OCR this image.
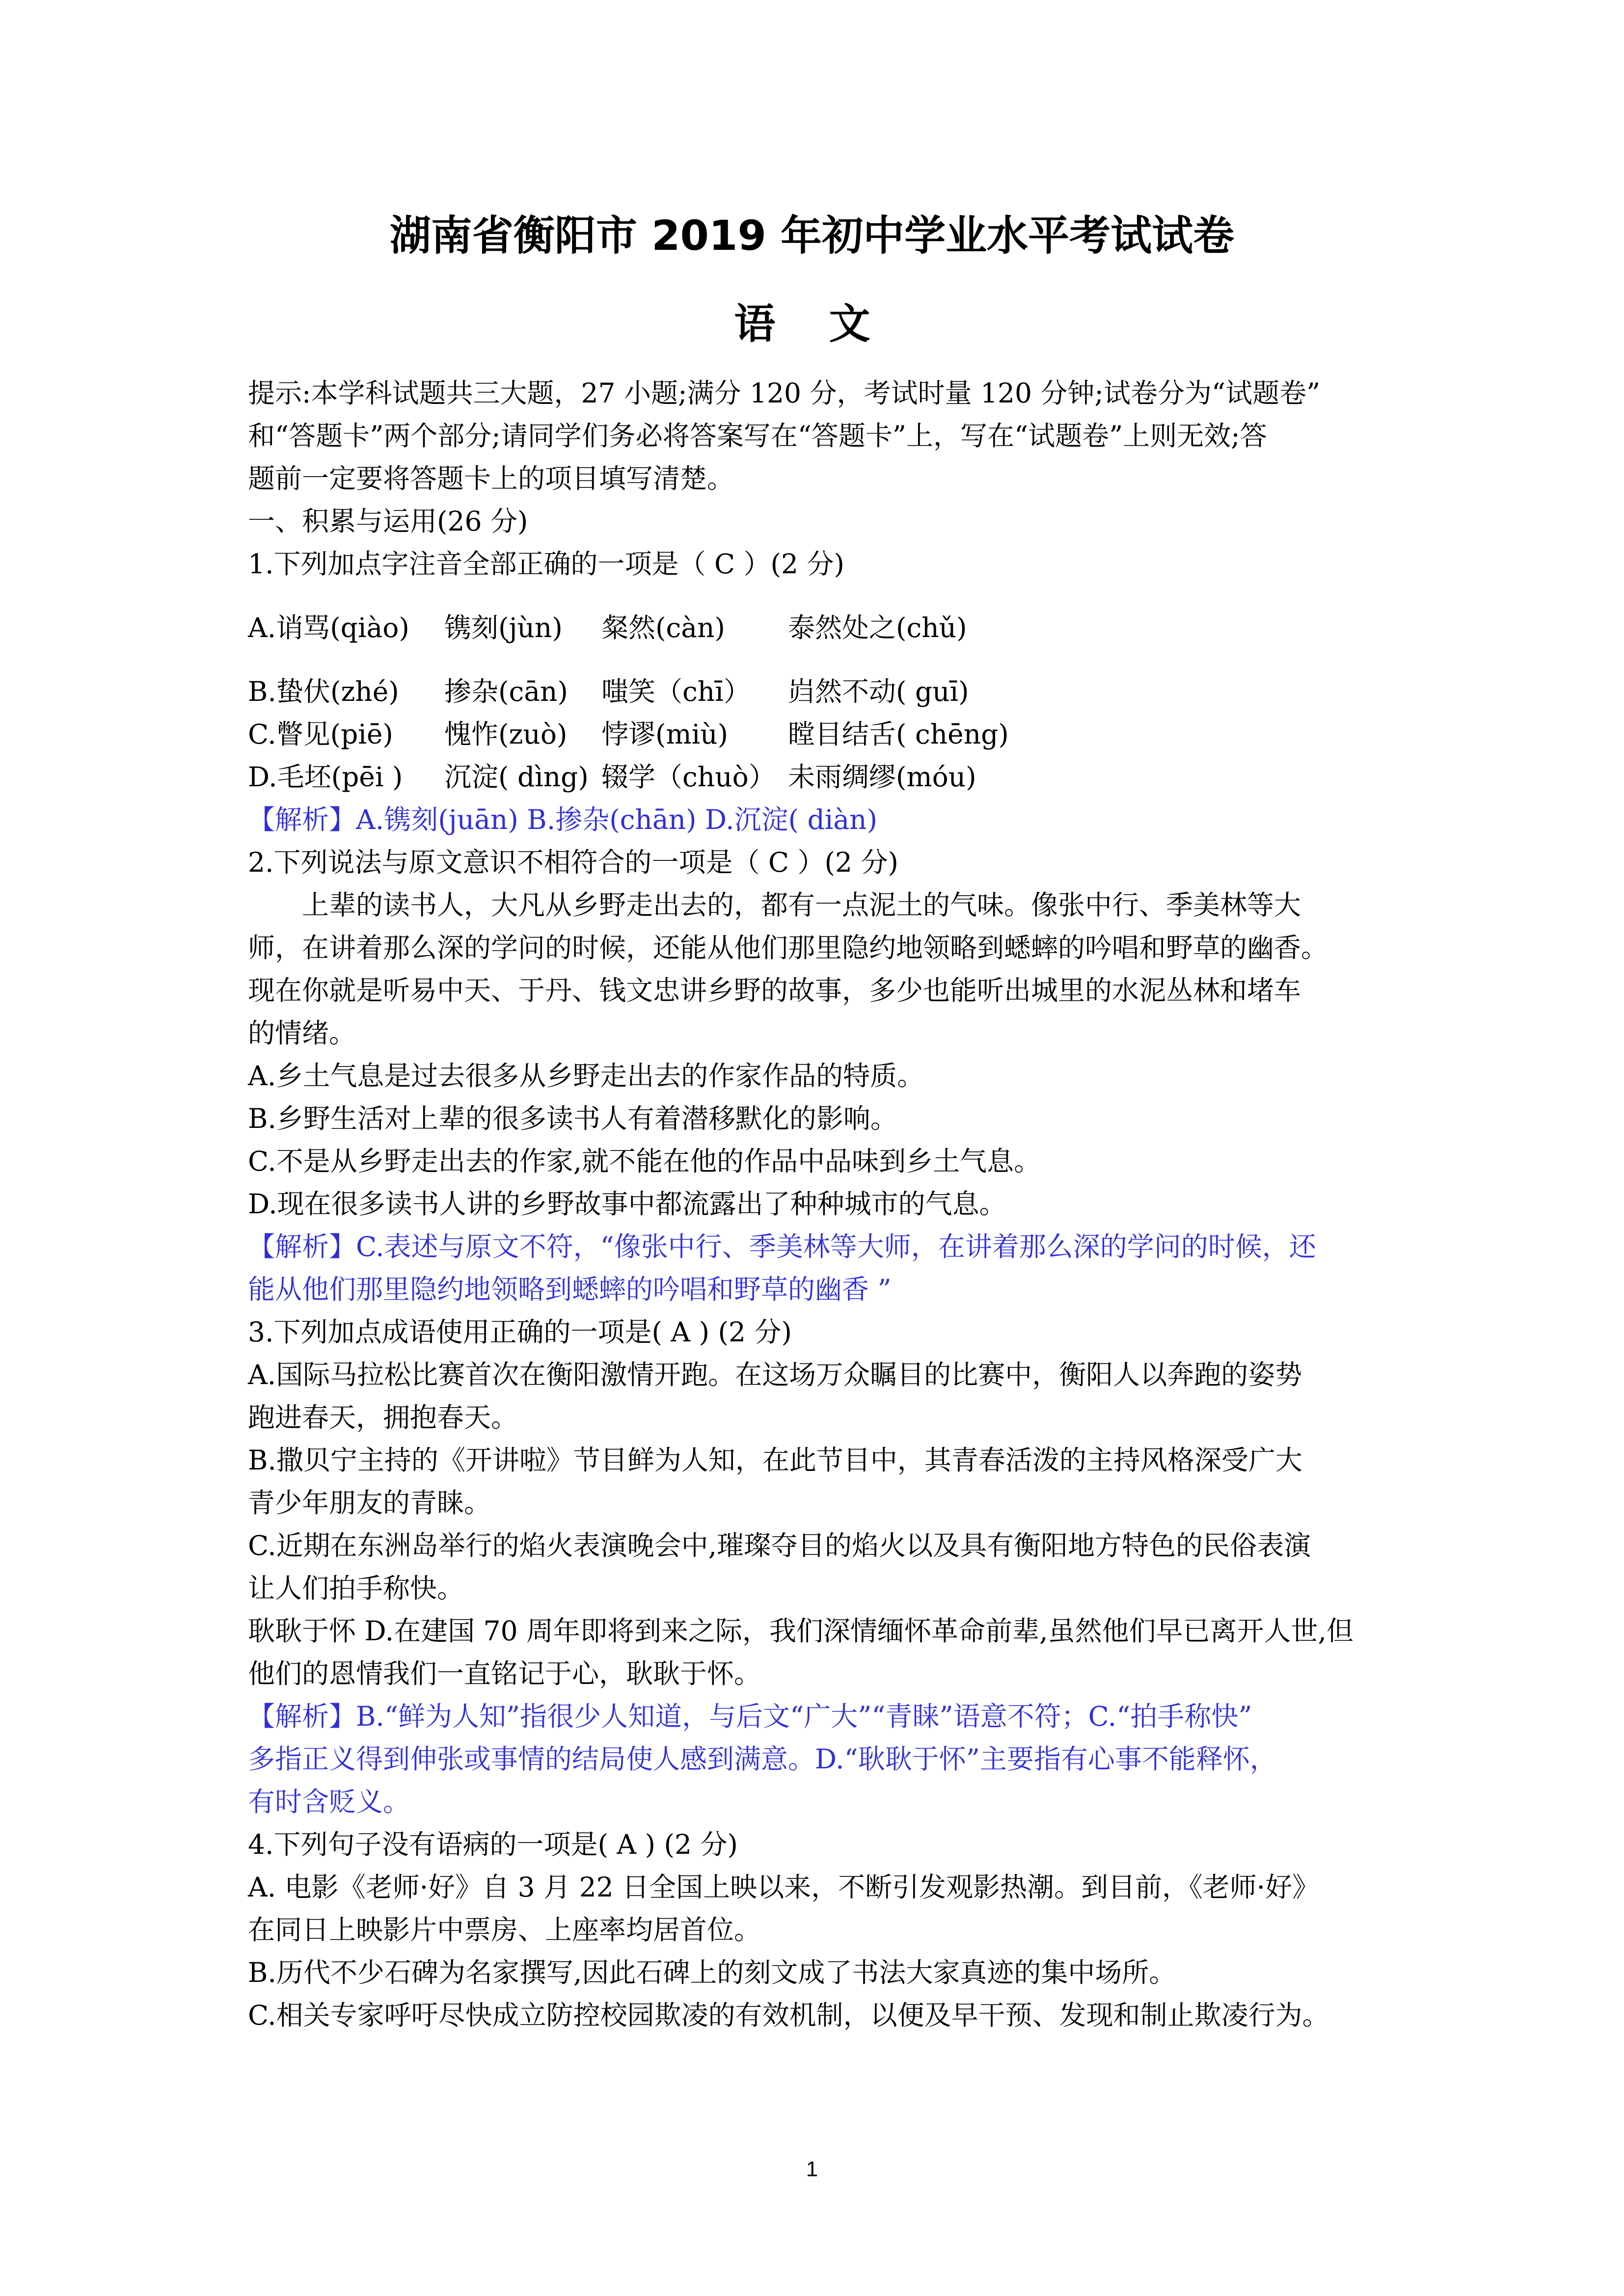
湖南省衡阳市 2019 年初中学业水平考试试卷
语 文
提示:本学科试题共三大题，27 小题;满分 120 分，考试时量 120 分钟;试卷分为“试题卷”
和“答题卡”两个部分;请同学们务必将答案写在“答题卡”上，写在“试题卷”上则无效;答
题前一定要将答题卡上的项目填写清楚。
一、积累与运用(26 分)
1.下列加点字注音全部正确的一项是（ C ）(2 分)
A.诮骂(qiào) 镌刻(jùn) 粲然(càn) 泰然处之(chǔ)
B.蛰伏(zhé) 掺杂(cān) 嗤笑（chī） 岿然不动( guī)
C.瞥见(piē) 愧怍(zuò) 悖谬(miù) 瞠目结舌( chēng)
D.毛坯(pēi ) 沉淀( dìng) 辍学（chuò） 未雨绸缪(móu)
【解析】A.镌刻(juān) B.掺杂(chān) D.沉淀( diàn)
2.下列说法与原文意识不相符合的一项是（ C ）(2 分)
上辈的读书人，大凡从乡野走出去的，都有一点泥土的气味。像张中行、季美林等大
师，在讲着那么深的学问的时候，还能从他们那里隐约地领略到蟋蟀的吟唱和野草的幽香。
现在你就是听易中天、于丹、钱文忠讲乡野的故事，多少也能听出城里的水泥丛林和堵车
的情绪。
A.乡土气息是过去很多从乡野走出去的作家作品的特质。
B.乡野生活对上辈的很多读书人有着潜移默化的影响。
C.不是从乡野走出去的作家,就不能在他的作品中品味到乡土气息。
D.现在很多读书人讲的乡野故事中都流露出了种种城市的气息。
【解析】C.表述与原文不符，“像张中行、季美林等大师，在讲着那么深的学问的时候，还
能从他们那里隐约地领略到蟋蟀的吟唱和野草的幽香 ”
3.下列加点成语使用正确的一项是( A ) (2 分)
A.国际马拉松比赛首次在衡阳激情开跑。在这场万众瞩目的比赛中，衡阳人以奔跑的姿势
跑进春天，拥抱春天。
B.撒贝宁主持的《开讲啦》节目鲜为人知，在此节目中，其青春活泼的主持风格深受广大
青少年朋友的青睐。
C.近期在东洲岛举行的焰火表演晚会中,璀璨夺目的焰火以及具有衡阳地方特色的民俗表演
让人们拍手称快。
耿耿于怀 D.在建国 70 周年即将到来之际，我们深情缅怀革命前辈,虽然他们早已离开人世,但
他们的恩情我们一直铭记于心，耿耿于怀。
【解析】B.“鲜为人知”指很少人知道，与后文“广大”“青睐”语意不符；C.“拍手称快”
多指正义得到伸张或事情的结局使人感到满意。D.“耿耿于怀”主要指有心事不能释怀，
有时含贬义。
4.下列句子没有语病的一项是( A ) (2 分)
A. 电影《老师·好》自 3 月 22 日全国上映以来，不断引发观影热潮。到目前，《老师·好》
在同日上映影片中票房、上座率均居首位。
B.历代不少石碑为名家撰写,因此石碑上的刻文成了书法大家真迹的集中场所。
C.相关专家呼吁尽快成立防控校园欺凌的有效机制，以便及早干预、发现和制止欺凌行为。
1
